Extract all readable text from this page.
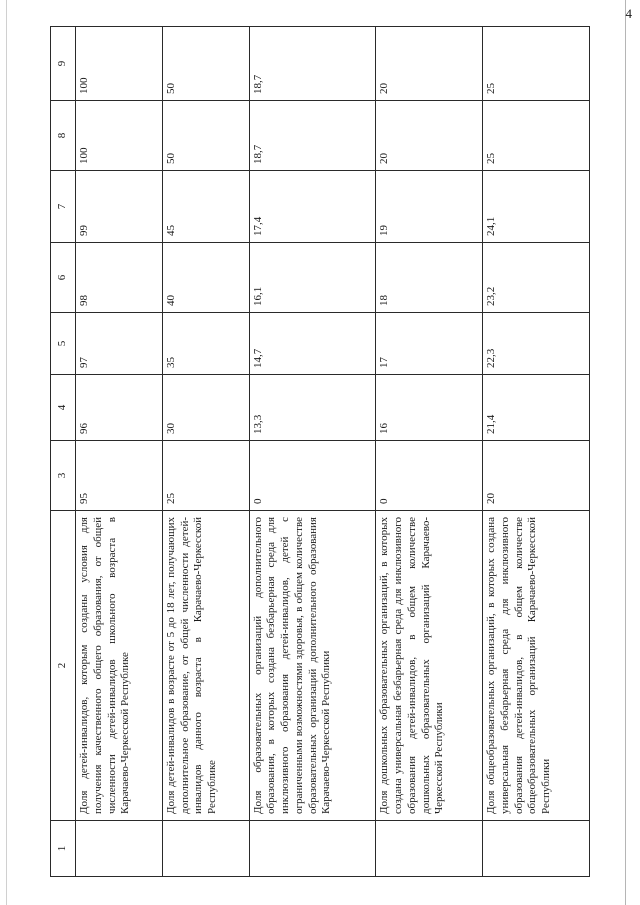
4
1	2	3	4	5	6	7	8	9
	Доля детей-инвалидов, которым созданы условия для получения качественного общего образования, от общей численности детей-инвалидов школьного возраста в Карачаево-Черкесской Республике	95	96	97	98	99	100	100
	Доля детей-инвалидов в возрасте от 5 до 18 лет, получающих дополнительное образование, от общей численности детей-инвалидов данного возраста в Карачаево-Черкесской Республике	25	30	35	40	45	50	50
	Доля образовательных организаций дополнительного образования, в которых создана безбарьерная среда для инклюзивного образования детей-инвалидов, детей с ограниченными возможностями здоровья, в общем количестве образовательных организаций дополнительного образования Карачаево-Черкесской Республики	0	13,3	14,7	16,1	17,4	18,7	18,7
	Доля дошкольных образовательных организаций, в которых создана универсальная безбарьерная среда для инклюзивного образования детей-инвалидов, в общем количестве дошкольных образовательных организаций Карачаево-Черкесской Республики	0	16	17	18	19	20	20
	Доля общеобразовательных организаций, в которых создана универсальная безбарьерная среда для инклюзивного образования детей-инвалидов, в общем количестве общеобразовательных организаций Карачаево-Черкесской Республики	20	21,4	22,3	23,2	24,1	25	25
